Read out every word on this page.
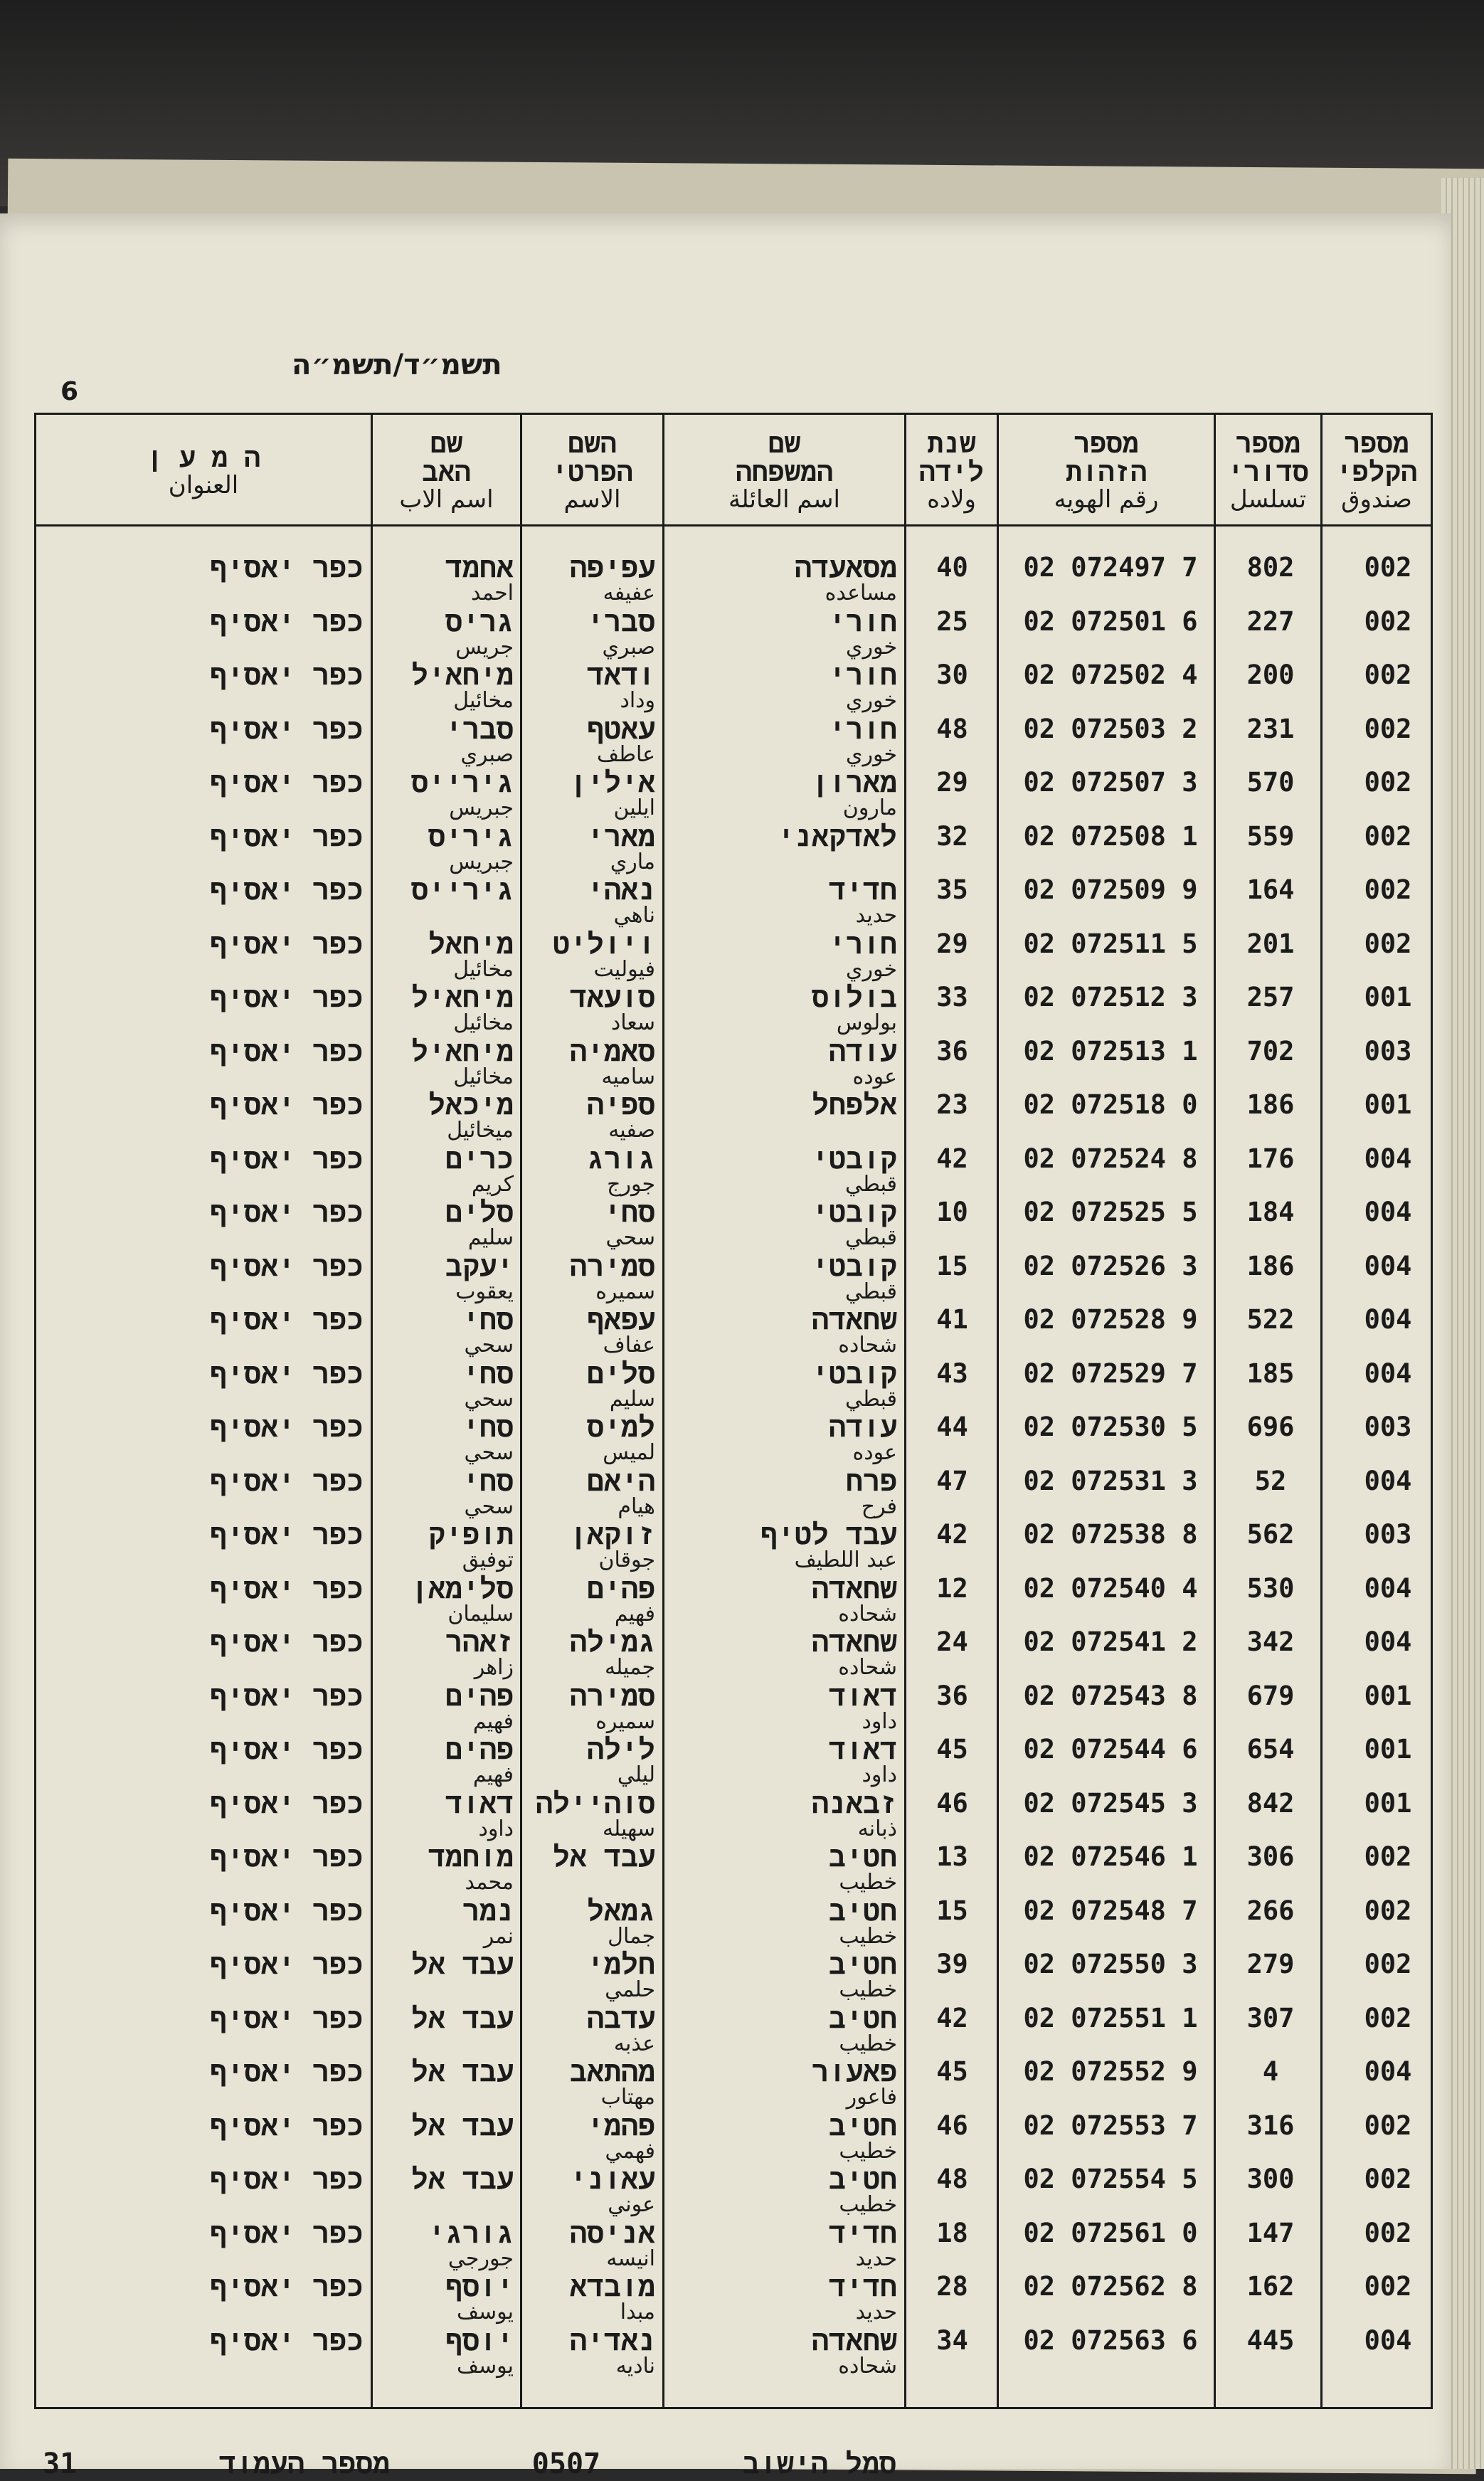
תשמ״ד/תשמ״ה
6
ה מ ע ן
العنوان
שם
האב
اسم الاب
השם
הפרטי
الاسم
שם
המשפחה
اسم العائلة
שנת
לידה
ولاده
מספר
הזהות
رقم الهويه
מספר
סדורי
تسلسل
מספר
הקלפי
صندوق
002
802
02 072497 7
40
מסאעדה
مساعده
עפיפה
عفيفه
אחמד
احمد
כפר יאסיף
002
227
02 072501 6
25
חורי
خوري
סברי
صبري
גריס
جريس
כפר יאסיף
002
200
02 072502 4
30
חורי
خوري
ודאד
وداد
מיחאיל
مخائيل
כפר יאסיף
002
231
02 072503 2
48
חורי
خوري
עאטף
عاطف
סברי
صبري
כפר יאסיף
002
570
02 072507 3
29
מארון
مارون
אילין
ايلين
גירייס
جبريس
כפר יאסיף
002
559
02 072508 1
32
לאדקאני
מארי
ماري
גיריס
جبريس
כפר יאסיף
002
164
02 072509 9
35
חדיד
حديد
נאהי
ناهي
גירייס
כפר יאסיף
002
201
02 072511 5
29
חורי
خوري
ויוליט
فيوليت
מיחאל
مخائيل
כפר יאסיף
001
257
02 072512 3
33
בולוס
بولوس
סועאד
سعاد
מיחאיל
مخائيل
כפר יאסיף
003
702
02 072513 1
36
עודה
عوده
סאמיה
ساميه
מיחאיל
مخائيل
כפר יאסיף
001
186
02 072518 0
23
אלפחל
ספיה
صفيه
מיכאל
ميخائيل
כפר יאסיף
004
176
02 072524 8
42
קובטי
قبطي
גורג
جورج
כרים
كريم
כפר יאסיף
004
184
02 072525 5
10
קובטי
قبطي
סחי
سحي
סלים
سليم
כפר יאסיף
004
186
02 072526 3
15
קובטי
قبطي
סמירה
سميره
יעקב
يعقوب
כפר יאסיף
004
522
02 072528 9
41
שחאדה
شحاده
עפאף
عفاف
סחי
سحي
כפר יאסיף
004
185
02 072529 7
43
קובטי
قبطي
סלים
سليم
סחי
سحي
כפר יאסיף
003
696
02 072530 5
44
עודה
عوده
למיס
لميس
סחי
سحي
כפר יאסיף
004
52
02 072531 3
47
פרח
فرح
היאם
هيام
סחי
سحي
כפר יאסיף
003
562
02 072538 8
42
עבד לטיף
عبد اللطيف
זוקאן
جوقان
תופיק
توفيق
כפר יאסיף
004
530
02 072540 4
12
שחאדה
شحاده
פהים
فهيم
סלימאן
سليمان
כפר יאסיף
004
342
02 072541 2
24
שחאדה
شحاده
גמילה
جميله
זאהר
زاهر
כפר יאסיף
001
679
02 072543 8
36
דאוד
داود
סמירה
سميره
פהים
فهيم
כפר יאסיף
001
654
02 072544 6
45
דאוד
داود
לילה
ليلي
פהים
فهيم
כפר יאסיף
001
842
02 072545 3
46
זבאנה
ذبانه
סוהיילה
سهيله
דאוד
داود
כפר יאסיף
002
306
02 072546 1
13
חטיב
خطيب
עבד אל
מוחמד
محمد
כפר יאסיף
002
266
02 072548 7
15
חטיב
خطيب
גמאל
جمال
נמר
نمر
כפר יאסיף
002
279
02 072550 3
39
חטיב
خطيب
חלמי
حلمي
עבד אל
כפר יאסיף
002
307
02 072551 1
42
חטיב
خطيب
עדבה
عذبه
עבד אל
כפר יאסיף
004
4
02 072552 9
45
פאעור
فاعور
מהתאב
مهتاب
עבד אל
כפר יאסיף
002
316
02 072553 7
46
חטיב
خطيب
פהמי
فهمي
עבד אל
כפר יאסיף
002
300
02 072554 5
48
חטיב
خطيب
עאוני
عوني
עבד אל
כפר יאסיף
002
147
02 072561 0
18
חדיד
حديد
אניסה
انيسه
גורגי
جورجي
כפר יאסיף
002
162
02 072562 8
28
חדיד
حديد
מובדא
مبدا
יוסף
يوسف
כפר יאסיף
004
445
02 072563 6
34
שחאדה
شحاده
נאדיה
ناديه
יוסף
يوسف
כפר יאסיף
סמל הישוב
0507
מספר העמוד
31
